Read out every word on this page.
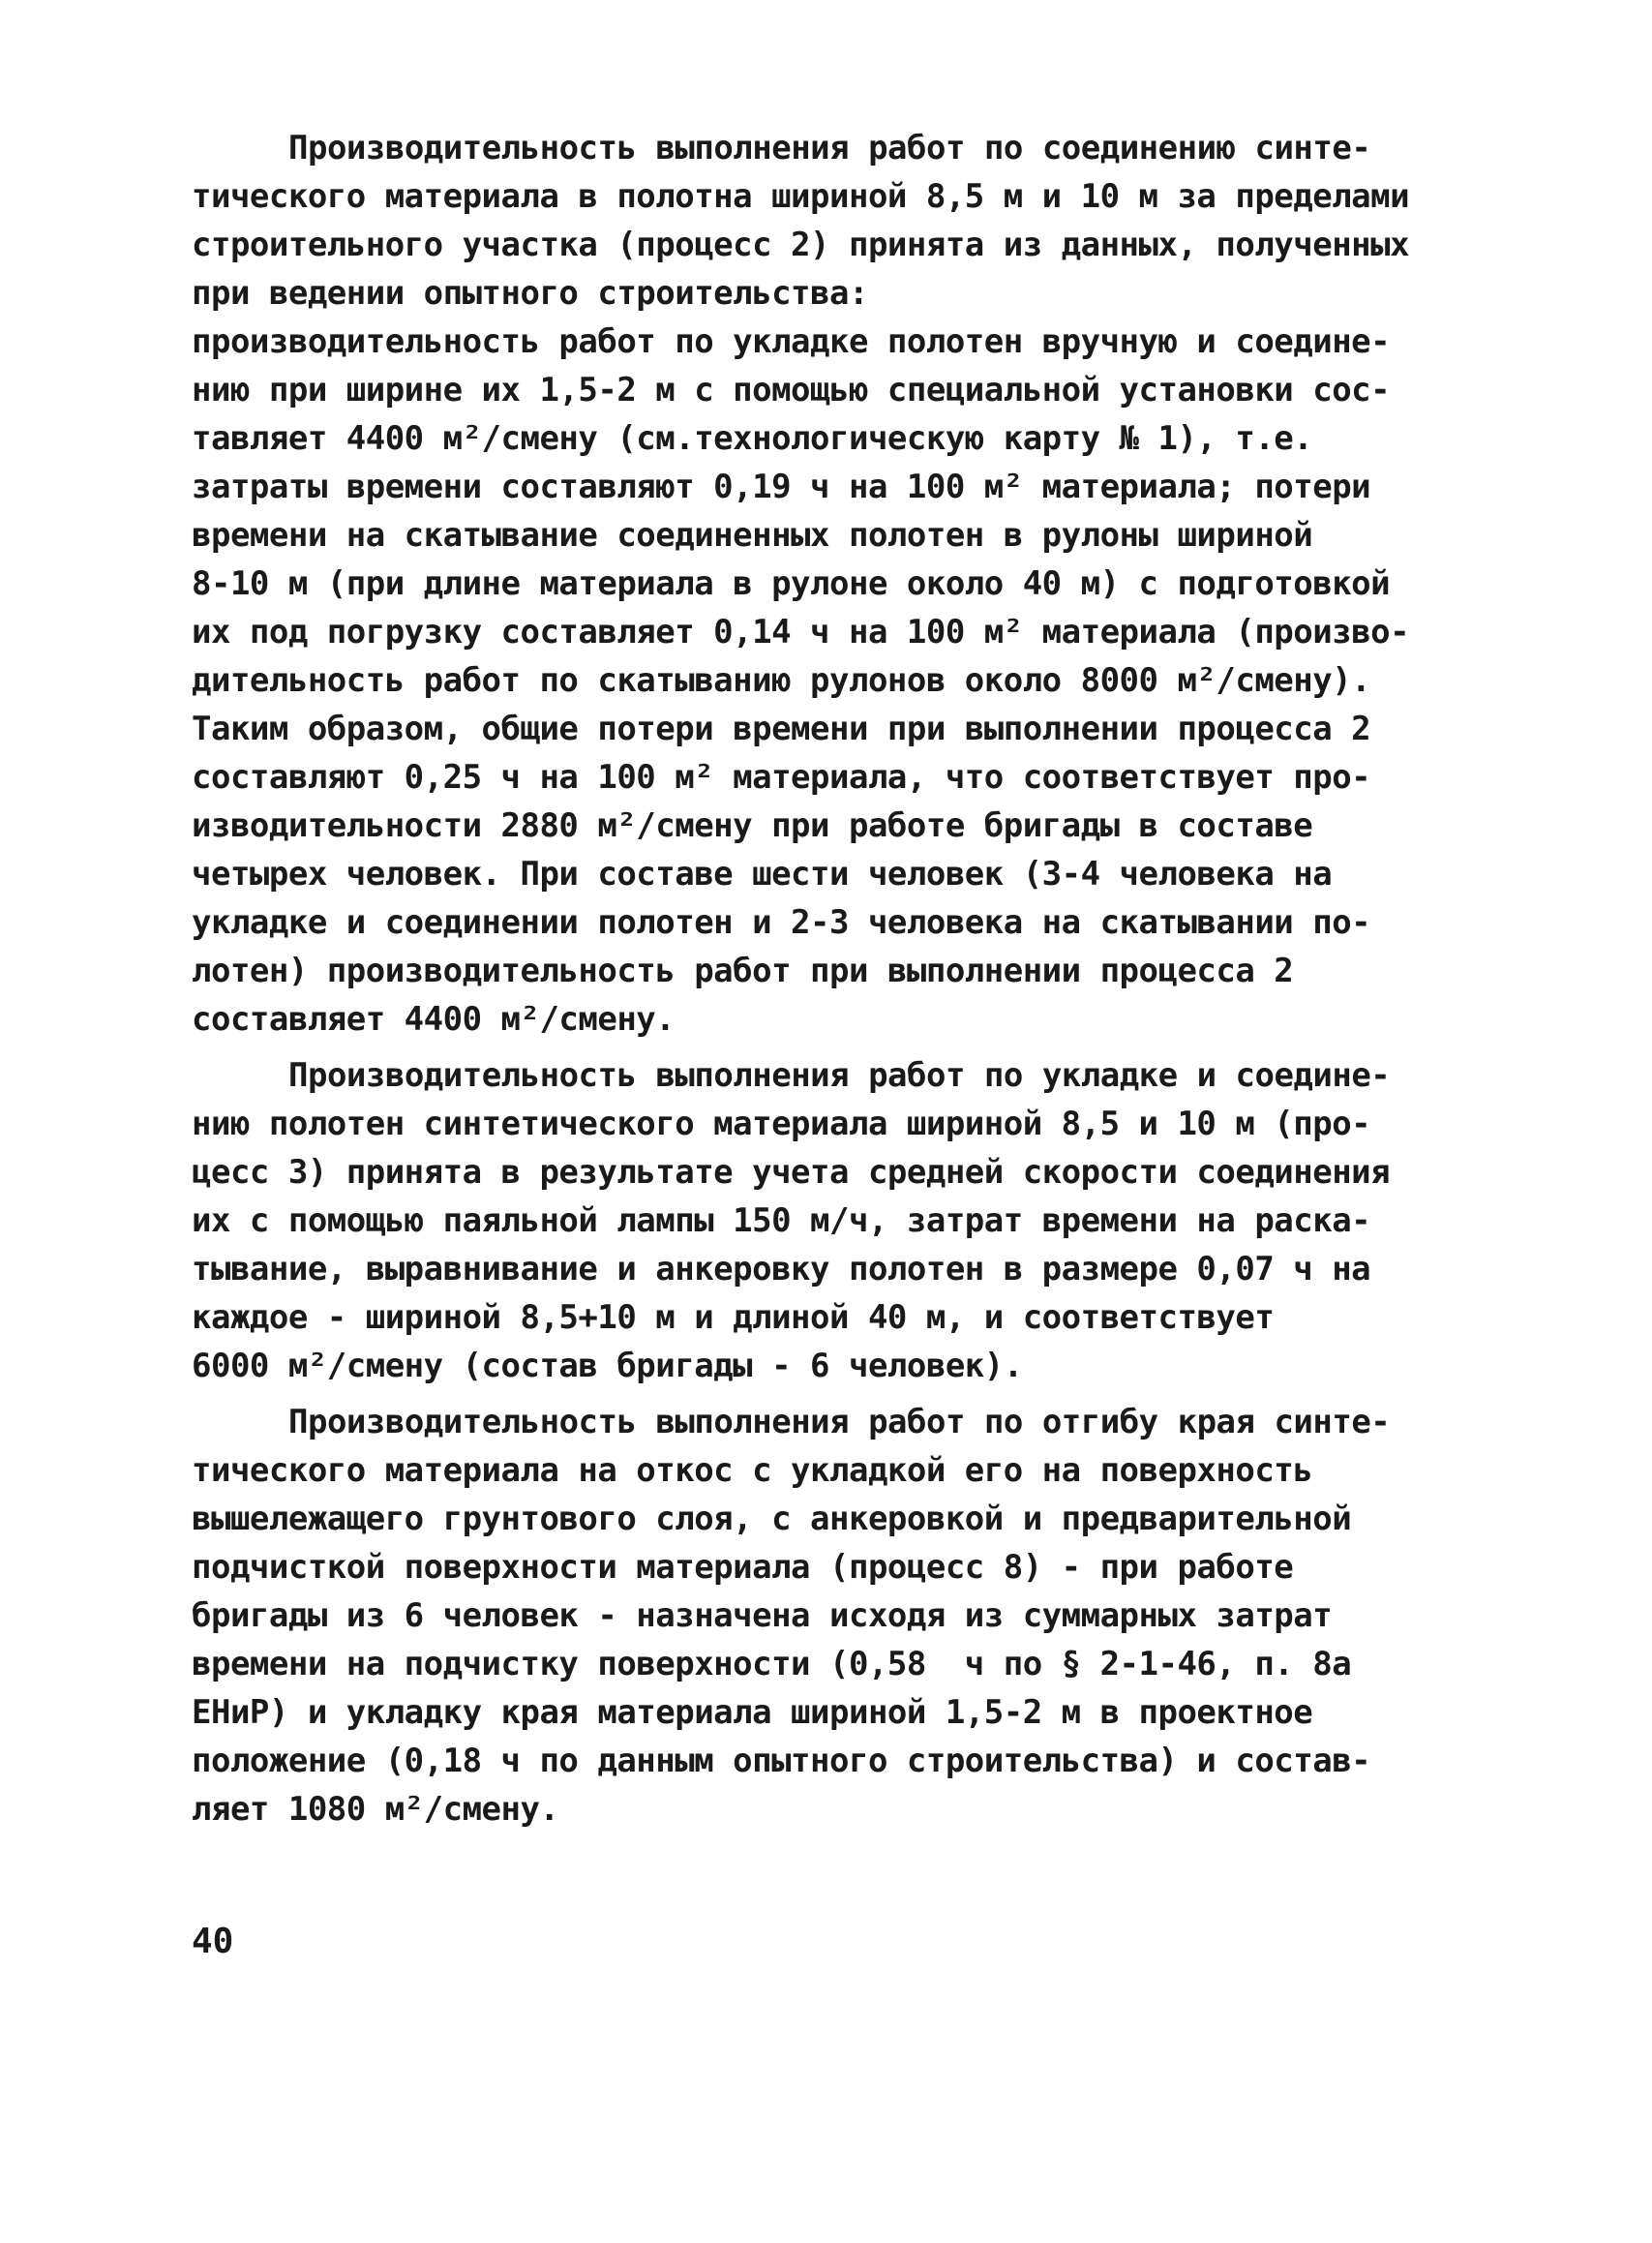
Производительность выполнения работ по соединению синте-
тического материала в полотна шириной 8,5 м и 10 м за пределами
строительного участка (процесс 2) принята из данных, полученных
при ведении опытного строительства:
производительность работ по укладке полотен вручную и соедине-
нию при ширине их 1,5-2 м с помощью специальной установки сос-
тавляет 4400 м²/смену (см.технологическую карту № 1), т.е.
затраты времени составляют 0,19 ч на 100 м² материала; потери
времени на скатывание соединенных полотен в рулоны шириной
8-10 м (при длине материала в рулоне около 40 м) с подготовкой
их под погрузку составляет 0,14 ч на 100 м² материала (произво-
дительность работ по скатыванию рулонов около 8000 м²/смену).
Таким образом, общие потери времени при выполнении процесса 2
составляют 0,25 ч на 100 м² материала, что соответствует про-
изводительности 2880 м²/смену при работе бригады в составе
четырех человек. При составе шести человек (3-4 человека на
укладке и соединении полотен и 2-3 человека на скатывании по-
лотен) производительность работ при выполнении процесса 2
составляет 4400 м²/смену.
Производительность выполнения работ по укладке и соедине-
нию полотен синтетического материала шириной 8,5 и 10 м (про-
цесс 3) принята в результате учета средней скорости соединения
их с помощью паяльной лампы 150 м/ч, затрат времени на раска-
тывание, выравнивание и анкеровку полотен в размере 0,07 ч на
каждое - шириной 8,5+10 м и длиной 40 м, и соответствует
6000 м²/смену (состав бригады - 6 человек).
Производительность выполнения работ по отгибу края синте-
тического материала на откос с укладкой его на поверхность
вышележащего грунтового слоя, с анкеровкой и предварительной
подчисткой поверхности материала (процесс 8) - при работе
бригады из 6 человек - назначена исходя из суммарных затрат
времени на подчистку поверхности (0,58  ч по § 2-1-46, п. 8а
ЕНиР) и укладку края материала шириной 1,5-2 м в проектное
положение (0,18 ч по данным опытного строительства) и состав-
ляет 1080 м²/смену.
40
